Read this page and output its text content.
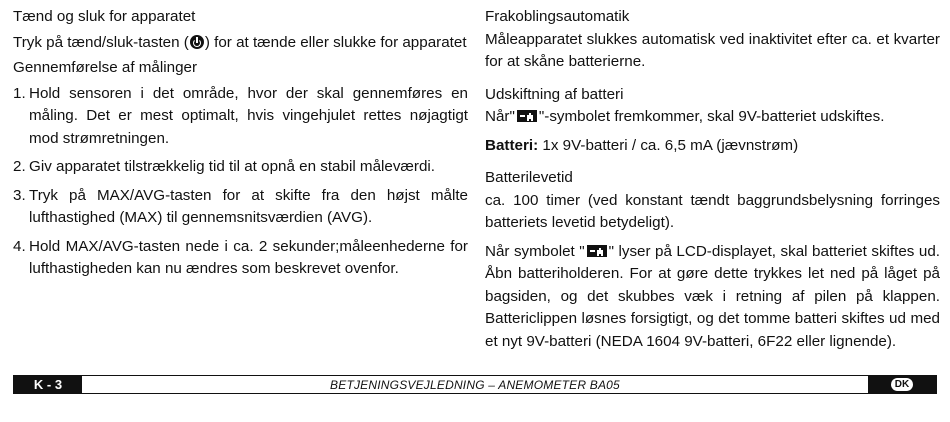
Tænd og sluk for apparatet

Tryk på tænd/sluk-tasten ( ) for at tænde eller slukke for apparatet

Gennemførelse af målinger

1. Hold sensoren i det område, hvor der skal gennemføres en måling. Det er mest optimalt, hvis vingehjulet rettes nøjagtigt mod strømretningen.
2. Giv apparatet tilstrækkelig tid til at opnå en stabil måleværdi.
3. Tryk på MAX/AVG-tasten for at skifte fra den højst målte lufthastighed (MAX) til gennemsnitsværdien (AVG).
4. Hold MAX/AVG-tasten nede i ca. 2 sekunder;måleenhederne for lufthastigheden kan nu ændres som beskrevet ovenfor.

Frakoblingsautomatik

Måleapparatet slukkes automatisk ved inaktivitet efter ca. et kvarter for at skåne batterierne.

Udskiftning af batteri

Når" "-symbolet fremkommer, skal 9V-batteriet udskiftes.

Batteri: 1x 9V-batteri / ca. 6,5 mA (jævnstrøm)

Batterilevetid

ca. 100 timer (ved konstant tændt baggrundsbelysning forringes batteriets levetid betydeligt).

Når symbolet " " lyser på LCD-displayet, skal batteriet skiftes ud. Åbn batteriholderen. For at gøre dette trykkes let ned på låget på bagsiden, og det skubbes væk i retning af pilen på klappen. Battericlippen løsnes forsigtigt, og det tomme batteri skiftes ud med et nyt 9V-batteri (NEDA 1604 9V-batteri, 6F22 eller lignende).

K - 3	BETJENINGSVEJLEDNING – ANEMOMETER BA05	DK
